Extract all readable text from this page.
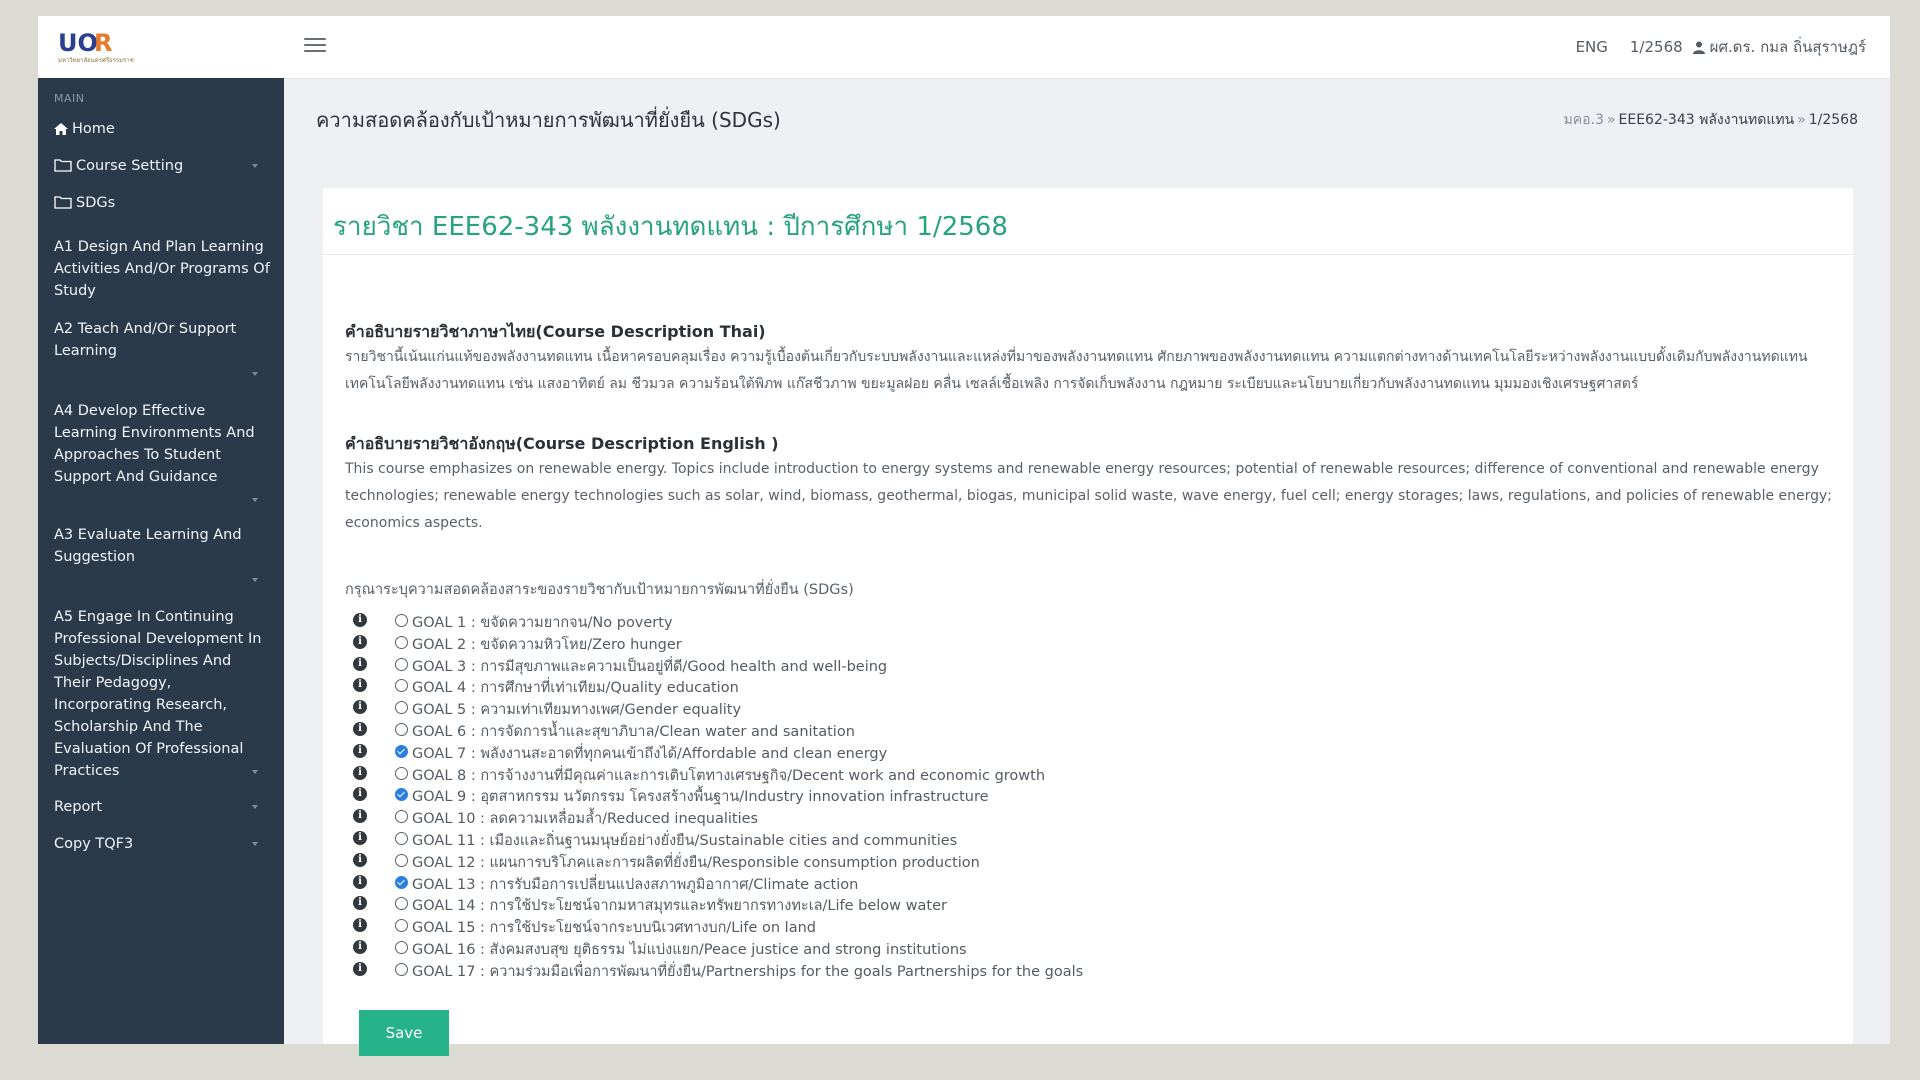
UO
R
มหาวิทยาลัยนครศรีธรรมราช
ENG 1/2568 ผศ.ดร. กมล ถิ่นสุราษฎร์
MAIN
Home
Course Setting
SDGs
A1 Design And Plan Learning Activities And/Or Programs Of Study
A2 Teach And/Or Support Learning
A4 Develop Effective Learning Environments And Approaches To Student Support And Guidance
A3 Evaluate Learning And Suggestion
A5 Engage In Continuing Professional Development In Subjects/Disciplines And Their Pedagogy, Incorporating Research, Scholarship And The Evaluation Of Professional Practices
Report
Copy TQF3
ความสอดคล้องกับเป้าหมายการพัฒนาที่ยั่งยืน (SDGs)	มคอ.3 » EEE62-343 พลังงานทดแทน » 1/2568
รายวิชา EEE62-343 พลังงานทดแทน : ปีการศึกษา 1/2568
คำอธิบายรายวิชาภาษาไทย(Course Description Thai)
รายวิชานี้เน้นแก่นแท้ของพลังงานทดแทน เนื้อหาครอบคลุมเรื่อง ความรู้เบื้องต้นเกี่ยวกับระบบพลังงานและแหล่งที่มาของพลังงานทดแทน ศักยภาพของพลังงานทดแทน ความแตกต่างทางด้านเทคโนโลยีระหว่างพลังงานแบบดั้งเดิมกับพลังงานทดแทน เทคโนโลยีพลังงานทดแทน เช่น แสงอาทิตย์ ลม ชีวมวล ความร้อนใต้พิภพ แก๊สชีวภาพ ขยะมูลฝอย คลื่น เซลล์เชื้อเพลิง การจัดเก็บพลังงาน กฎหมาย ระเบียบและนโยบายเกี่ยวกับพลังงานทดแทน มุมมองเชิงเศรษฐศาสตร์
คำอธิบายรายวิชาอังกฤษ(Course Description English )
This course emphasizes on renewable energy. Topics include introduction to energy systems and renewable energy resources; potential of renewable resources; difference of conventional and renewable energy technologies; renewable energy technologies such as solar, wind, biomass, geothermal, biogas, municipal solid waste, wave energy, fuel cell; energy storages; laws, regulations, and policies of renewable energy; economics aspects.
กรุณาระบุความสอดคล้องสาระของรายวิชากับเป้าหมายการพัฒนาที่ยั่งยืน (SDGs)
i	GOAL 1 : ขจัดความยากจน/No poverty
i	GOAL 2 : ขจัดความหิวโหย/Zero hunger
i	GOAL 3 : การมีสุขภาพและความเป็นอยู่ที่ดี/Good health and well-being
i	GOAL 4 : การศึกษาที่เท่าเทียม/Quality education
i	GOAL 5 : ความเท่าเทียมทางเพศ/Gender equality
i	GOAL 6 : การจัดการน้ำและสุขาภิบาล/Clean water and sanitation
i	GOAL 7 : พลังงานสะอาดที่ทุกคนเข้าถึงได้/Affordable and clean energy
i	GOAL 8 : การจ้างงานที่มีคุณค่าและการเติบโตทางเศรษฐกิจ/Decent work and economic growth
i	GOAL 9 : อุตสาหกรรม นวัตกรรม โครงสร้างพื้นฐาน/Industry innovation infrastructure
i	GOAL 10 : ลดความเหลื่อมล้ำ/Reduced inequalities
i	GOAL 11 : เมืองและถิ่นฐานมนุษย์อย่างยั่งยืน/Sustainable cities and communities
i	GOAL 12 : แผนการบริโภคและการผลิตที่ยั่งยืน/Responsible consumption production
i	GOAL 13 : การรับมือการเปลี่ยนแปลงสภาพภูมิอากาศ/Climate action
i	GOAL 14 : การใช้ประโยชน์จากมหาสมุทรและทรัพยากรทางทะเล/Life below water
i	GOAL 15 : การใช้ประโยชน์จากระบบนิเวศทางบก/Life on land
i	GOAL 16 : สังคมสงบสุข ยุติธรรม ไม่แบ่งแยก/Peace justice and strong institutions
i	GOAL 17 : ความร่วมมือเพื่อการพัฒนาที่ยั่งยืน/Partnerships for the goals Partnerships for the goals
Save
